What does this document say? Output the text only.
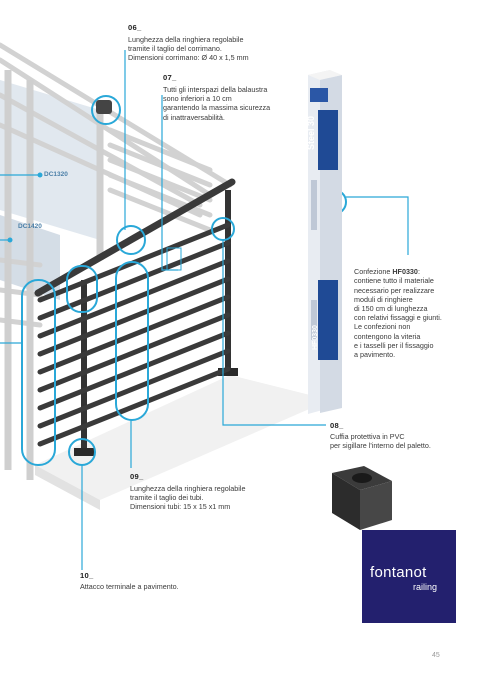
Steel 30
HF0330
06_
Lunghezza della ringhiera regolabile
tramite il taglio del corrimano.
Dimensioni corrimano: Ø 40 x 1,5 mm
07_
Tutti gli interspazi della balaustra
sono inferiori a 10 cm
garantendo la massima sicurezza
di inattraversabilità.
DC1320
DC1420

Confezione HF0330:

contiene tutto il materiale
necessario per realizzare
moduli di ringhiere
di 150 cm di lunghezza
con relativi fissaggi e giunti.
Le confezioni non
contengono la viteria
e i tasselli per il fissaggio
a pavimento.

08_
Cuffia protettiva in PVC
per sigillare l'interno del paletto.
09_
Lunghezza della ringhiera regolabile
tramite il taglio dei tubi.
Dimensioni tubi: 15 x 15 x1 mm
10_
Attacco terminale a pavimento.
fontanot
railing
45
